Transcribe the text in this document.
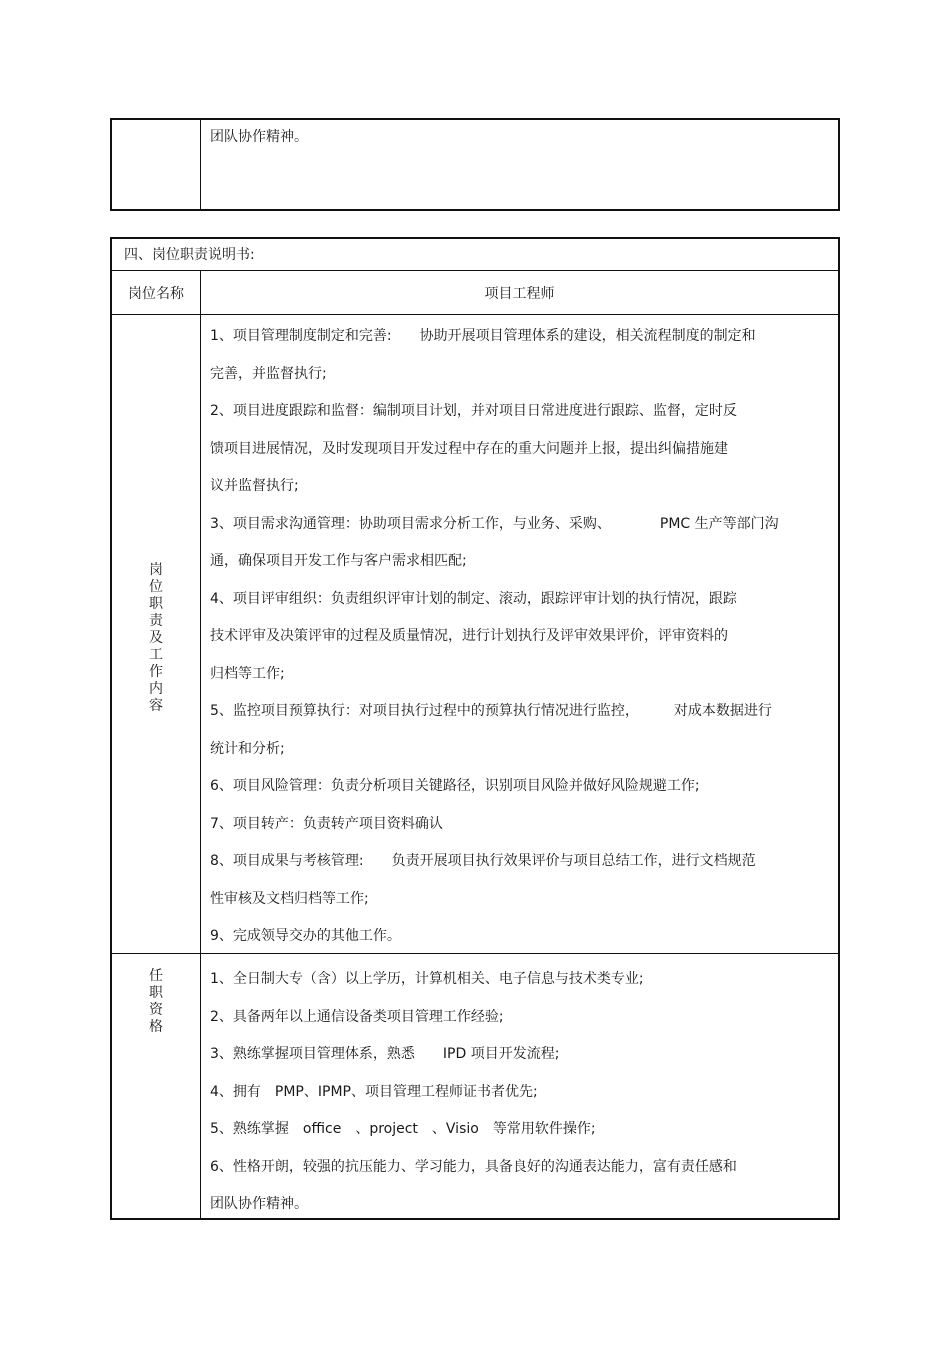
团队协作精神。
四、岗位职责说明书:
岗位名称	项目工程师
岗位职责及工作内容
1、项目管理制度制定和完善:　　协助开展项目管理体系的建设，相关流程制度的制定和
完善，并监督执行;
2、项目进度跟踪和监督：编制项目计划，并对项目日常进度进行跟踪、监督，定时反
馈项目进展情况，及时发现项目开发过程中存在的重大问题并上报，提出纠偏措施建
议并监督执行;
3、项目需求沟通管理：协助项目需求分析工作，与业务、采购、　　　　PMC 生产等部门沟
通，确保项目开发工作与客户需求相匹配;
4、项目评审组织：负责组织评审计划的制定、滚动，跟踪评审计划的执行情况，跟踪
技术评审及决策评审的过程及质量情况，进行计划执行及评审效果评价，评审资料的
归档等工作;
5、监控项目预算执行：对项目执行过程中的预算执行情况进行监控，　　　对成本数据进行
统计和分析;
6、项目风险管理：负责分析项目关键路径，识别项目风险并做好风险规避工作;
7、项目转产：负责转产项目资料确认
8、项目成果与考核管理:　　负责开展项目执行效果评价与项目总结工作，进行文档规范
性审核及文档归档等工作;
9、完成领导交办的其他工作。
任职资格
1、全日制大专（含）以上学历，计算机相关、电子信息与技术类专业;
2、具备两年以上通信设备类项目管理工作经验;
3、熟练掌握项目管理体系，熟悉　　IPD 项目开发流程;
4、拥有　PMP、IPMP、项目管理工程师证书者优先;
5、熟练掌握　office　、project　、Visio　等常用软件操作;
6、性格开朗，较强的抗压能力、学习能力，具备良好的沟通表达能力，富有责任感和
团队协作精神。
